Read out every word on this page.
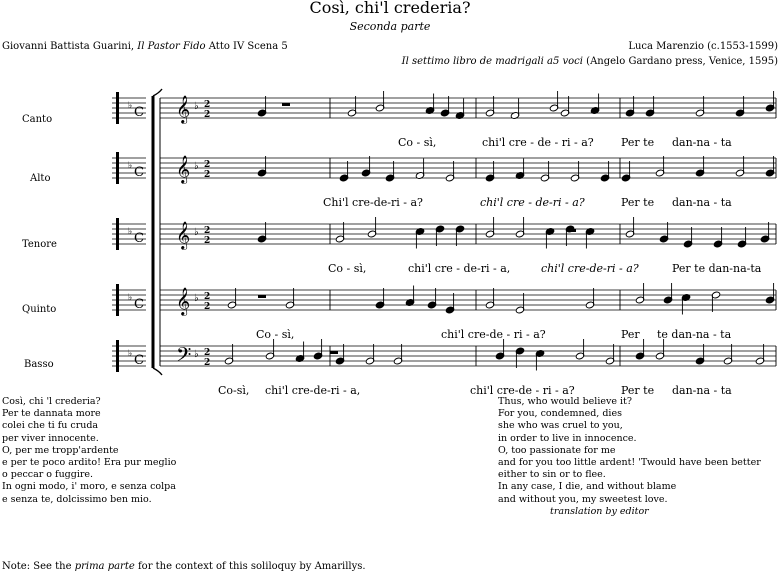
Così, chi'l crederia?
Seconda parte
Giovanni Battista Guarini, Il Pastor Fido Atto IV Scena 5	Luca Marenzio (c.1553-1599)
Il settimo libro de madrigali a5 voci (Angelo Gardano press, Venice, 1595)
♭ C
♭ C
♭ C
♭ C
♭ C
𝄞 ♭ 2
2
𝄞 ♭ 2
2
𝄞 ♭ 2
2
𝄞 ♭ 2
2
𝄢 ♭ 2
2
Canto
Alto
Tenore
Quinto
Basso
Co - sì,	chi'l cre - de - ri - a? Per te dan-na - ta
Chi'l cre-de-ri - a?	chi'l cre - de-ri - a?	Per te dan-na - ta
Co - sì,	chi'l cre - de-ri - a,	chi'l cre-de-ri - a?	Per te dan-na-ta
Co - sì,	chi'l cre-de - ri - a?	Per te dan-na - ta
Co-sì, chi'l cre-de-ri - a,	chi'l cre-de - ri - a?	Per te dan-na - ta
Così, chi 'l crederia?
Per te dannata more
colei che ti fu cruda
per viver innocente.
O, per me tropp'ardente
e per te poco ardito! Era pur meglio
o peccar o fuggire.
In ogni modo, i' moro, e senza colpa
e senza te, dolcissimo ben mio.
Thus, who would believe it?
For you, condemned, dies
she who was cruel to you,
in order to live in innocence.
O, too passionate for me
and for you too little ardent! 'Twould have been better
either to sin or to flee.
In any case, I die, and without blame
and without you, my sweetest love.
translation by editor
Note: See the prima parte for the context of this soliloquy by Amarillys.
